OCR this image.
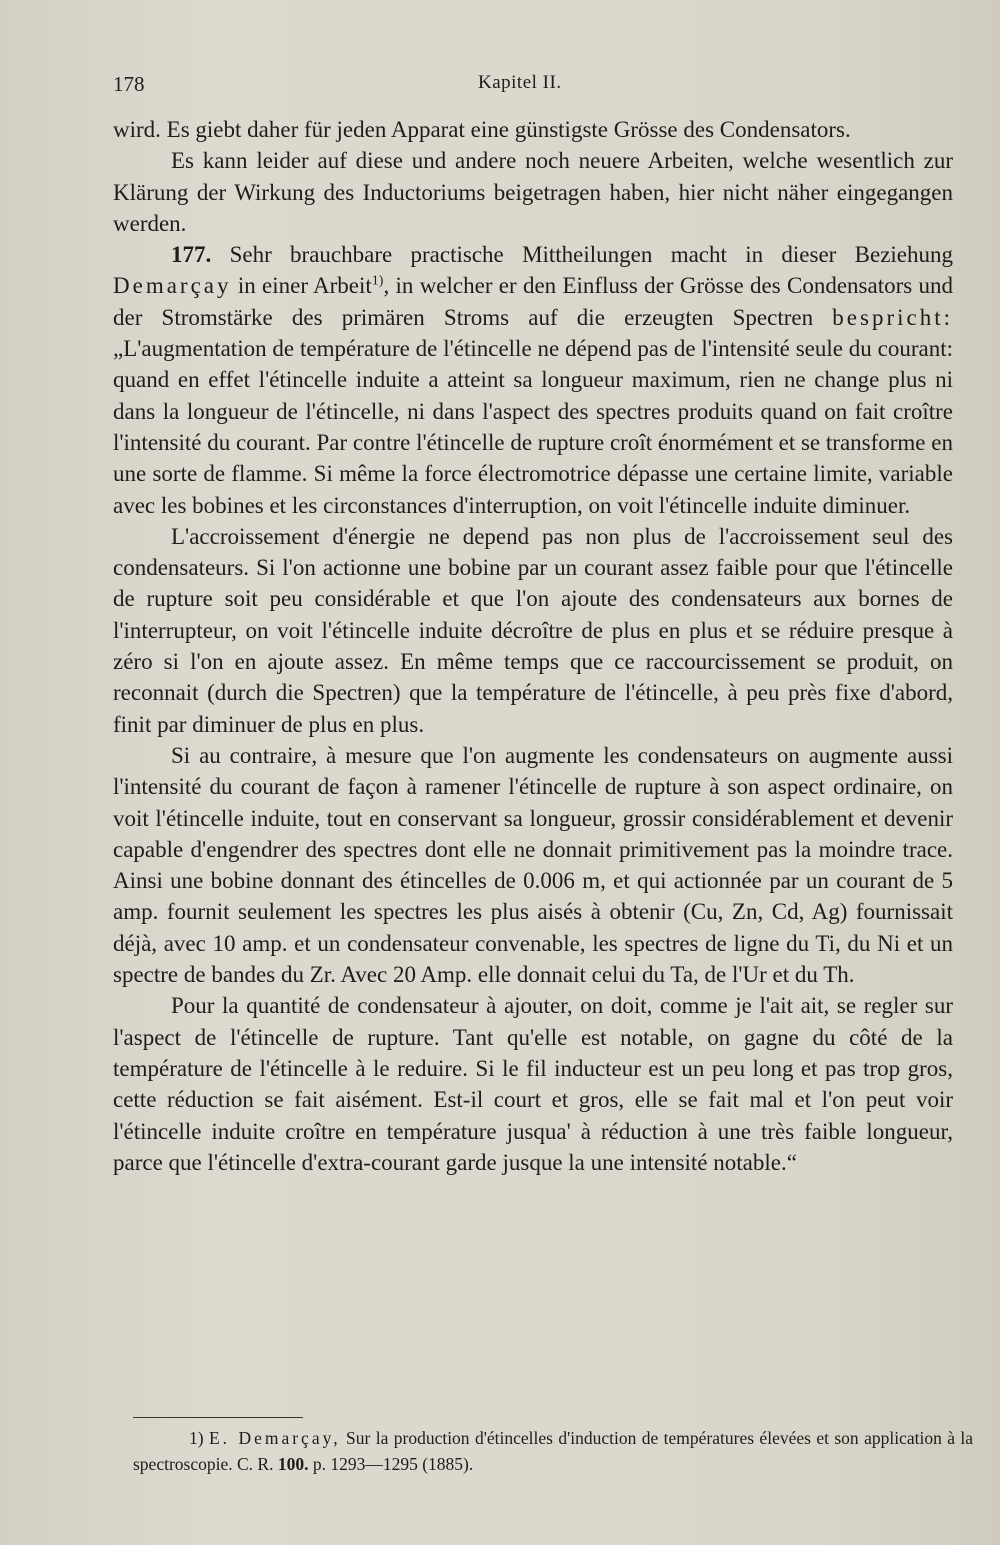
178	Kapitel II.

wird. Es giebt daher für jeden Apparat eine günstigste Grösse des Condensators.

Es kann leider auf diese und andere noch neuere Arbeiten, welche wesentlich zur Klärung der Wirkung des Inductoriums beigetragen haben, hier nicht näher eingegangen werden.

177. Sehr brauchbare practische Mittheilungen macht in dieser Beziehung Demarçay in einer Arbeit$^{1)}$, in welcher er den Einfluss der Grösse des Condensators und der Stromstärke des primären Stroms auf die erzeugten Spectren bespricht: „L'augmentation de température de l'étincelle ne dépend pas de l'intensité seule du courant: quand en effet l'étincelle induite a atteint sa longueur maximum, rien ne change plus ni dans la longueur de l'étincelle, ni dans l'aspect des spectres produits quand on fait croître l'intensité du courant. Par contre l'étincelle de rupture croît énormément et se transforme en une sorte de flamme. Si même la force électromotrice dépasse une certaine limite, variable avec les bobines et les circonstances d'interruption, on voit l'étincelle induite diminuer.

L'accroissement d'énergie ne depend pas non plus de l'accroissement seul des condensateurs. Si l'on actionne une bobine par un courant assez faible pour que l'étincelle de rupture soit peu considérable et que l'on ajoute des condensateurs aux bornes de l'interrupteur, on voit l'étincelle induite décroître de plus en plus et se réduire presque à zéro si l'on en ajoute assez. En même temps que ce raccourcissement se produit, on reconnait (durch die Spectren) que la température de l'étincelle, à peu près fixe d'abord, finit par diminuer de plus en plus.

Si au contraire, à mesure que l'on augmente les condensateurs on augmente aussi l'intensité du courant de façon à ramener l'étincelle de rupture à son aspect ordinaire, on voit l'étincelle induite, tout en conservant sa longueur, grossir considérablement et devenir capable d'engendrer des spectres dont elle ne donnait primitivement pas la moindre trace. Ainsi une bobine donnant des étincelles de 0.006 m, et qui actionnée par un courant de 5 amp. fournit seulement les spectres les plus aisés à obtenir (Cu, Zn, Cd, Ag) fournissait déjà, avec 10 amp. et un condensateur convenable, les spectres de ligne du Ti, du Ni et un spectre de bandes du Zr. Avec 20 Amp. elle donnait celui du Ta, de l'Ur et du Th.

Pour la quantité de condensateur à ajouter, on doit, comme je l'ait ait, se regler sur l'aspect de l'étincelle de rupture. Tant qu'elle est notable, on gagne du côté de la température de l'étincelle à le reduire. Si le fil inducteur est un peu long et pas trop gros, cette réduction se fait aisément. Est-il court et gros, elle se fait mal et l'on peut voir l'étincelle induite croître en température jusqua' à réduction à une très faible longueur, parce que l'étincelle d'extra-courant garde jusque la une intensité notable.“

1) E. Demarçay, Sur la production d'étincelles d'induction de températures élevées et son application à la spectroscopie. C. R. 100. p. 1293—1295 (1885).
